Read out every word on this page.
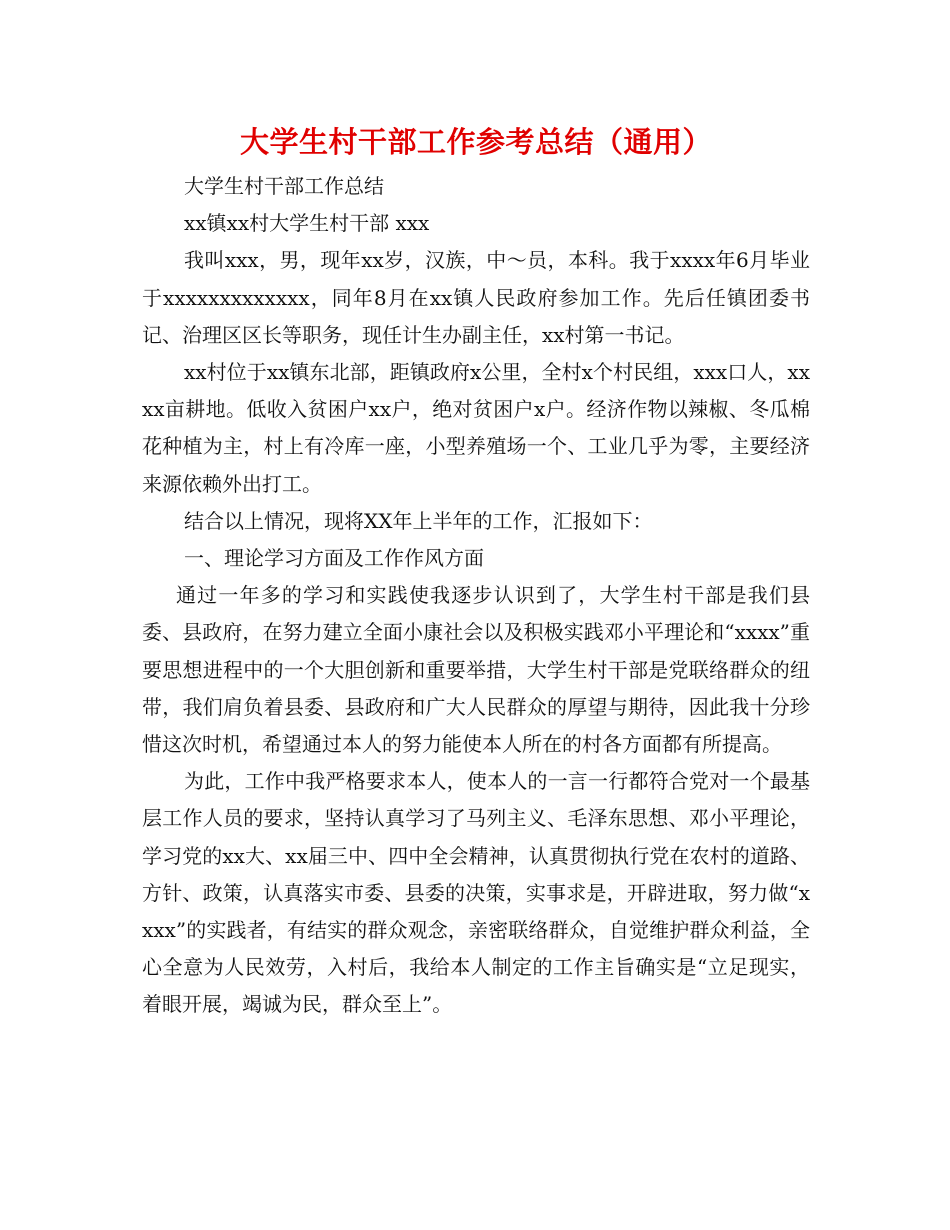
大学生村干部工作参考总结（通用）

大学生村干部工作总结

xx镇xx村大学生村干部 xxx

我叫xxx，男，现年xx岁，汉族，中～员，本科。我于xxxx年6月毕业于xxxxxxxxxxxxx，同年8月在xx镇人民政府参加工作。先后任镇团委书记、治理区区长等职务，现任计生办副主任，xx村第一书记。

xx村位于xx镇东北部，距镇政府x公里，全村x个村民组，xxx口人，xxxx亩耕地。低收入贫困户xx户，绝对贫困户x户。经济作物以辣椒、冬瓜棉花种植为主，村上有冷库一座，小型养殖场一个、工业几乎为零，主要经济来源依赖外出打工。

结合以上情况，现将XX年上半年的工作，汇报如下：

一、理论学习方面及工作作风方面

通过一年多的学习和实践使我逐步认识到了，大学生村干部是我们县委、县政府，在努力建立全面小康社会以及积极实践邓小平理论和“xxxx”重要思想进程中的一个大胆创新和重要举措，大学生村干部是党联络群众的纽带，我们肩负着县委、县政府和广大人民群众的厚望与期待，因此我十分珍惜这次时机，希望通过本人的努力能使本人所在的村各方面都有所提高。

为此，工作中我严格要求本人，使本人的一言一行都符合党对一个最基层工作人员的要求，坚持认真学习了马列主义、毛泽东思想、邓小平理论，学习党的xx大、xx届三中、四中全会精神，认真贯彻执行党在农村的道路、方针、政策，认真落实市委、县委的决策，实事求是，开辟进取，努力做“xxxx”的实践者，有结实的群众观念，亲密联络群众，自觉维护群众利益，全心全意为人民效劳，入村后，我给本人制定的工作主旨确实是“立足现实，着眼开展，竭诚为民，群众至上”。
